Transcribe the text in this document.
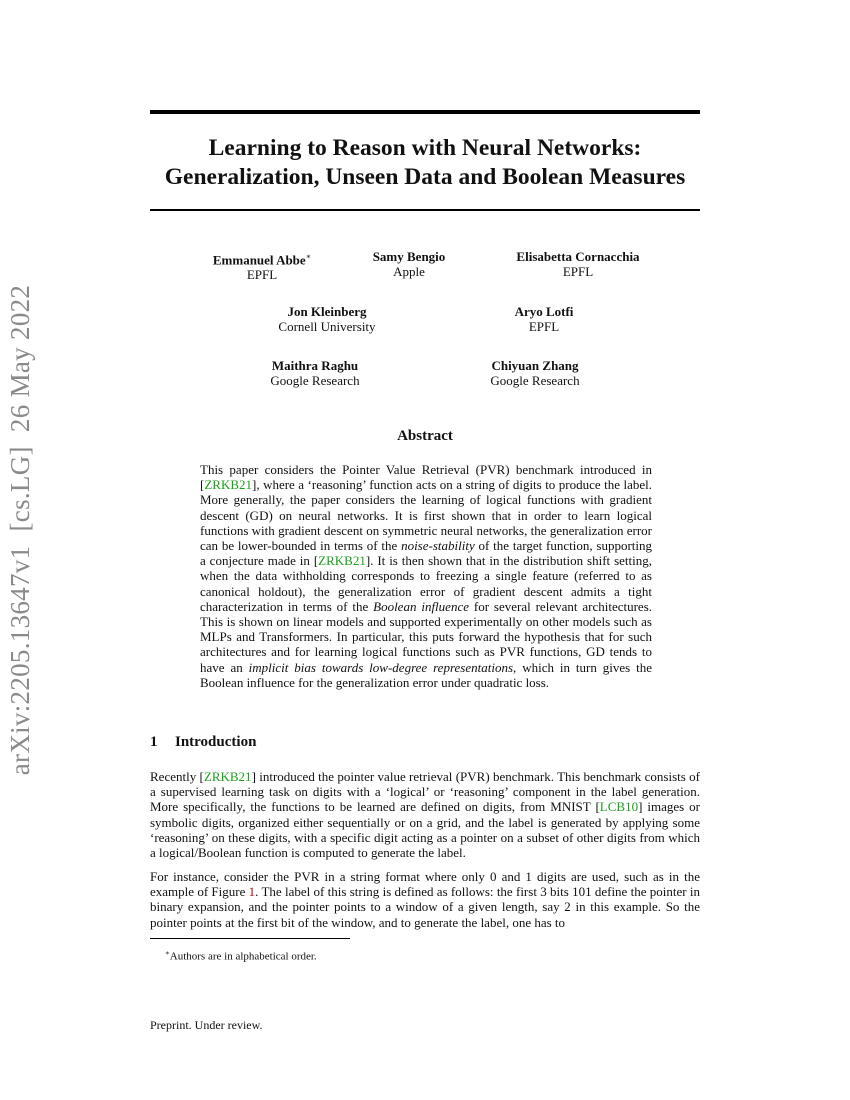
arXiv:2205.13647v1  [cs.LG]  26 May 2022
Learning to Reason with Neural Networks:
Generalization, Unseen Data and Boolean Measures
Emmanuel Abbe∗
EPFL
Samy Bengio
Apple
Elisabetta Cornacchia
EPFL
Jon Kleinberg
Cornell University
Aryo Lotfi
EPFL
Maithra Raghu
Google Research
Chiyuan Zhang
Google Research
Abstract

This paper considers the Pointer Value Retrieval (PVR) benchmark introduced in [ZRKB21], where a ‘reasoning’ function acts on a string of digits to produce the label. More generally, the paper considers the learning of logical functions with gradient descent (GD) on neural networks. It is first shown that in order to learn logical functions with gradient descent on symmetric neural networks, the generalization error can be lower-bounded in terms of the noise-stability of the target function, supporting a conjecture made in [ZRKB21]. It is then shown that in the distribution shift setting, when the data withholding corresponds to freezing a single feature (referred to as canonical holdout), the generalization error of gradient descent admits a tight characterization in terms of the Boolean influence for several relevant architectures. This is shown on linear models and supported experimentally on other models such as MLPs and Transformers. In particular, this puts forward the hypothesis that for such architectures and for learning logical functions such as PVR functions, GD tends to have an implicit bias towards low-degree representations, which in turn gives the Boolean influence for the generalization error under quadratic loss.

1 Introduction

Recently [ZRKB21] introduced the pointer value retrieval (PVR) benchmark. This benchmark consists of a supervised learning task on digits with a ‘logical’ or ‘reasoning’ component in the label generation. More specifically, the functions to be learned are defined on digits, from MNIST [LCB10] images or symbolic digits, organized either sequentially or on a grid, and the label is generated by applying some ‘reasoning’ on these digits, with a specific digit acting as a pointer on a subset of other digits from which a logical/Boolean function is computed to generate the label.

For instance, consider the PVR in a string format where only 0 and 1 digits are used, such as in the example of Figure 1. The label of this string is defined as follows: the first 3 bits 101 define the pointer in binary expansion, and the pointer points to a window of a given length, say 2 in this example. So the pointer points at the first bit of the window, and to generate the label, one has to

∗Authors are in alphabetical order.

Preprint. Under review.
